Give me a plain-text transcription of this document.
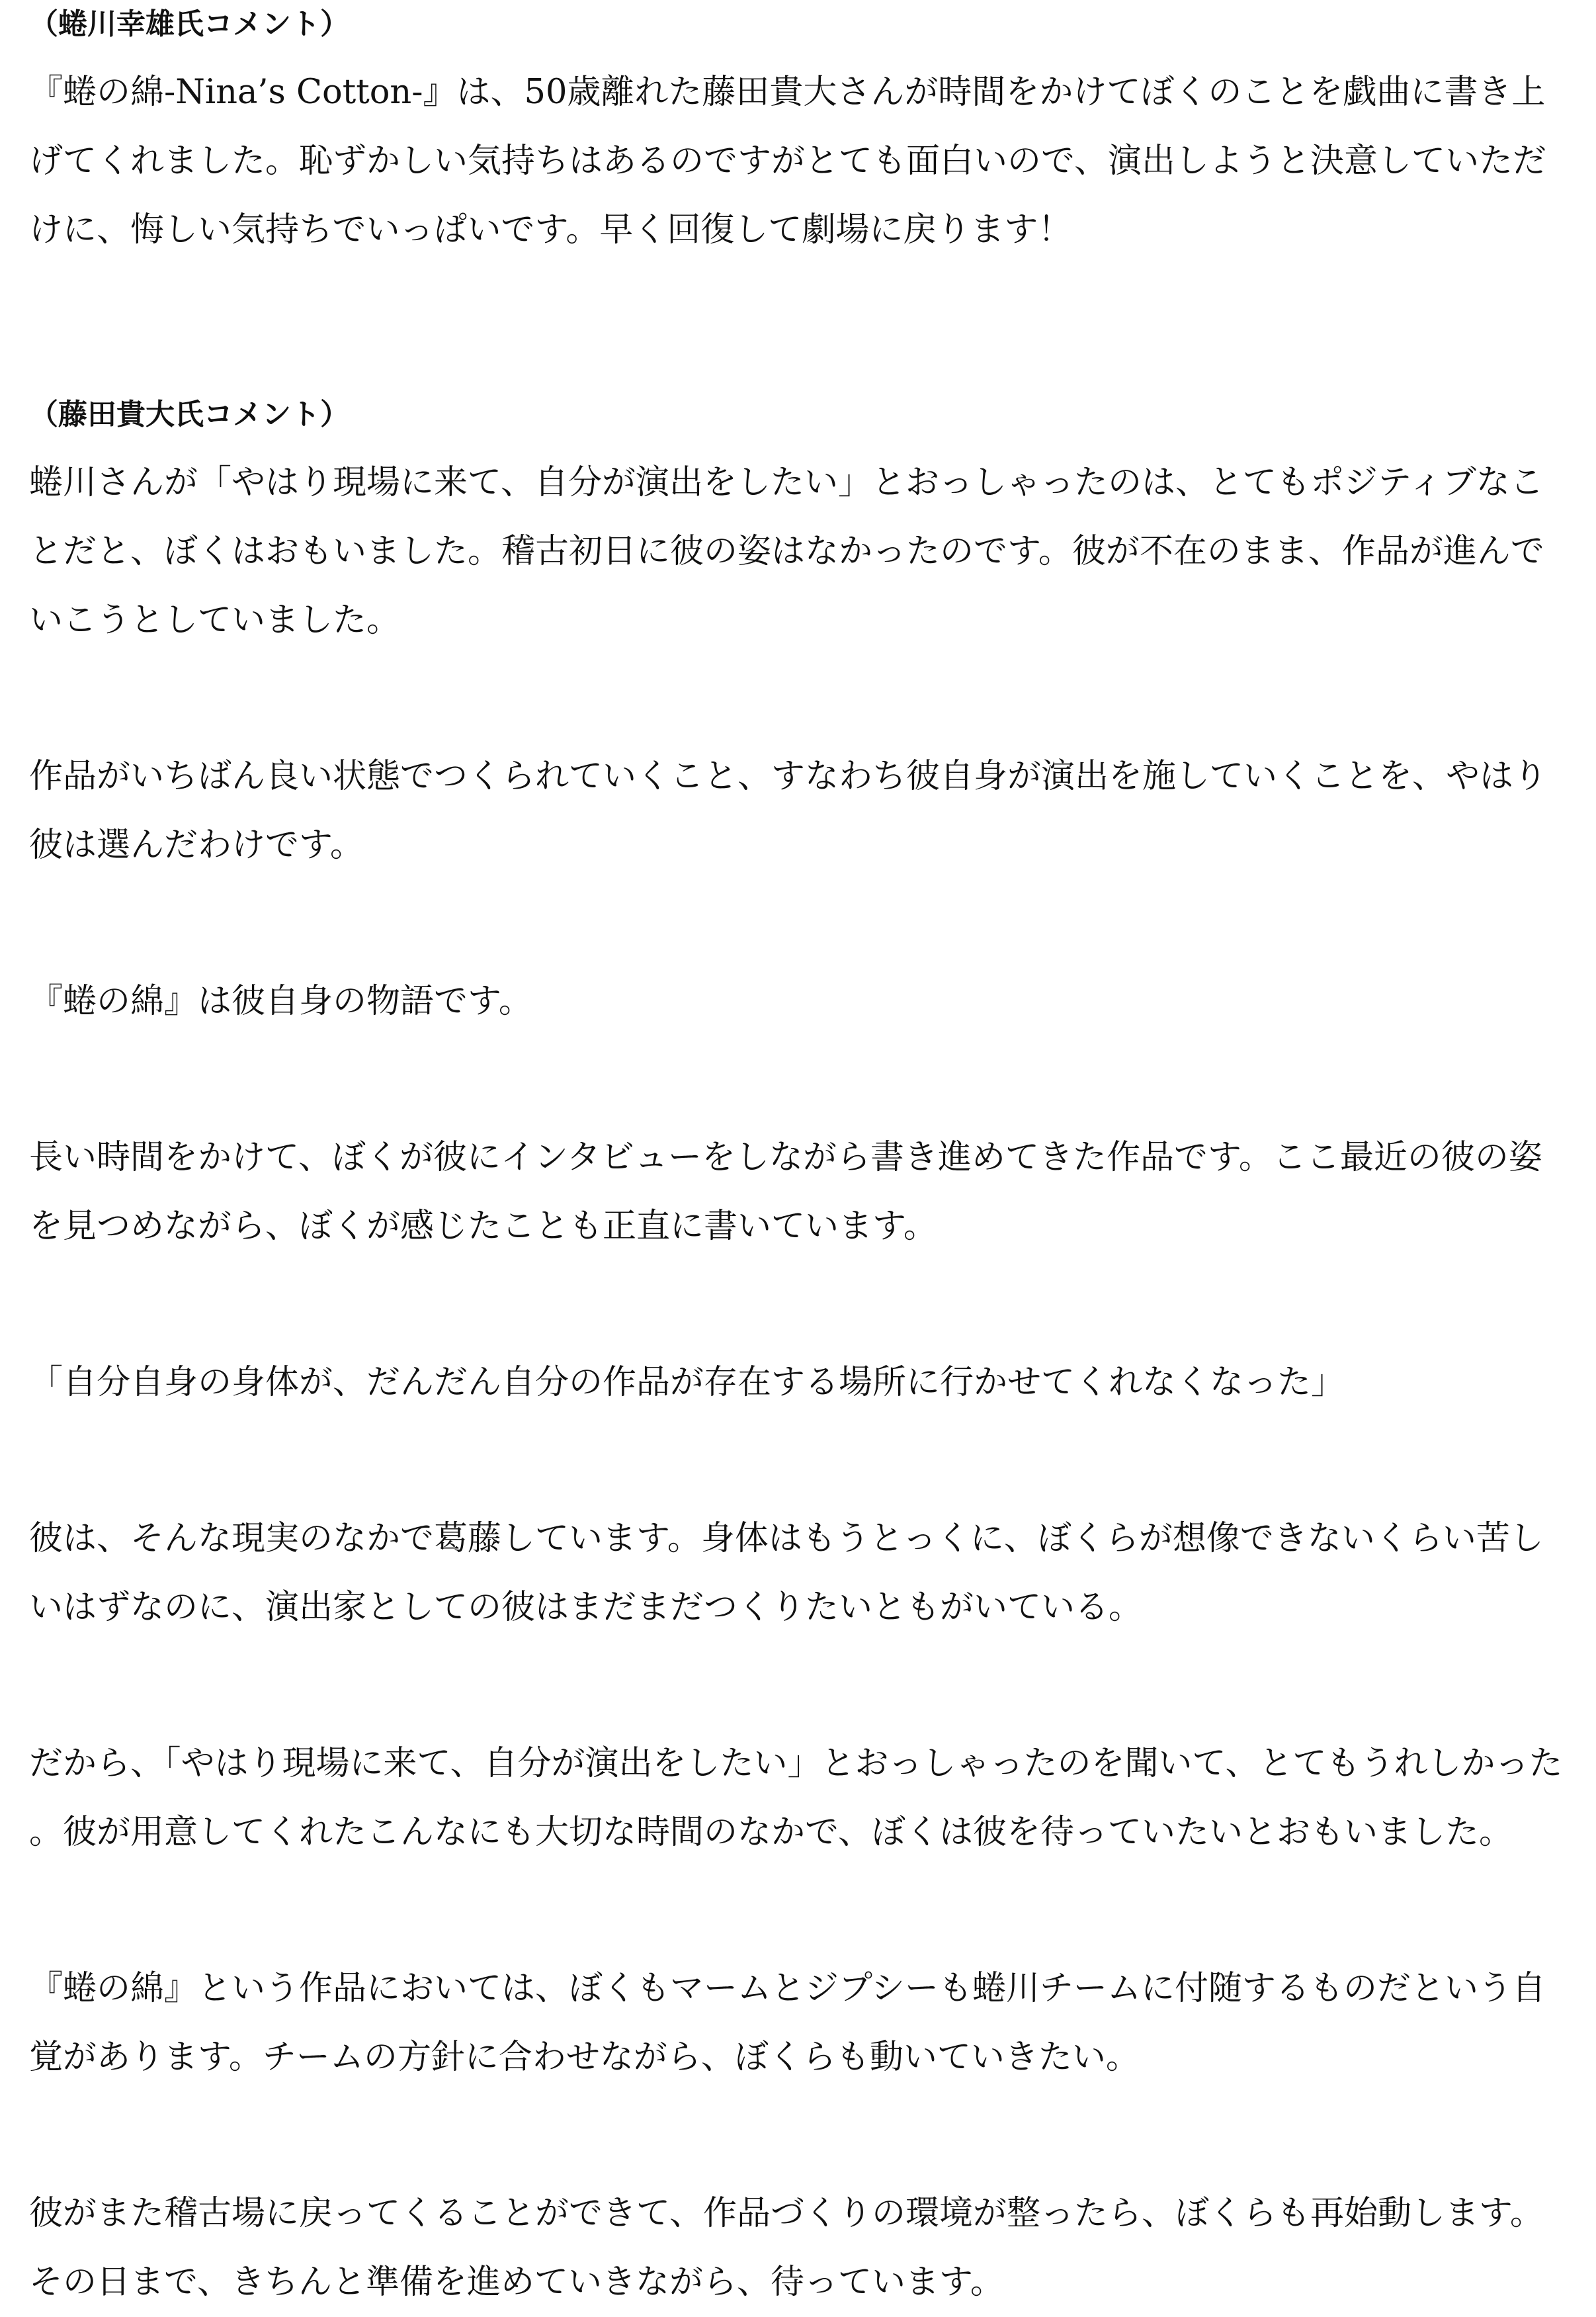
（蜷川幸雄氏コメント）

『蜷の綿-Nina’s Cotton-』は、50歳離れた藤田貴大さんが時間をかけてぼくのことを戯曲に書き上げてくれました。恥ずかしい気持ちはあるのですがとても面白いので、演出しようと決意していただけに、悔しい気持ちでいっぱいです。早く回復して劇場に戻ります！

（藤田貴大氏コメント）

蜷川さんが「やはり現場に来て、自分が演出をしたい」とおっしゃったのは、とてもポジティブなことだと、ぼくはおもいました。稽古初日に彼の姿はなかったのです。彼が不在のまま、作品が進んでいこうとしていました。

作品がいちばん良い状態でつくられていくこと、すなわち彼自身が演出を施していくことを、やはり彼は選んだわけです。

『蜷の綿』は彼自身の物語です。

長い時間をかけて、ぼくが彼にインタビューをしながら書き進めてきた作品です。ここ最近の彼の姿を見つめながら、ぼくが感じたことも正直に書いています。

「自分自身の身体が、だんだん自分の作品が存在する場所に行かせてくれなくなった」

彼は、そんな現実のなかで葛藤しています。身体はもうとっくに、ぼくらが想像できないくらい苦しいはずなのに、演出家としての彼はまだまだつくりたいともがいている。

だから、「やはり現場に来て、自分が演出をしたい」とおっしゃったのを聞いて、とてもうれしかった。彼が用意してくれたこんなにも大切な時間のなかで、ぼくは彼を待っていたいとおもいました。

『蜷の綿』という作品においては、ぼくもマームとジプシーも蜷川チームに付随するものだという自覚があります。チームの方針に合わせながら、ぼくらも動いていきたい。

彼がまた稽古場に戻ってくることができて、作品づくりの環境が整ったら、ぼくらも再始動します。その日まで、きちんと準備を進めていきながら、待っています。
